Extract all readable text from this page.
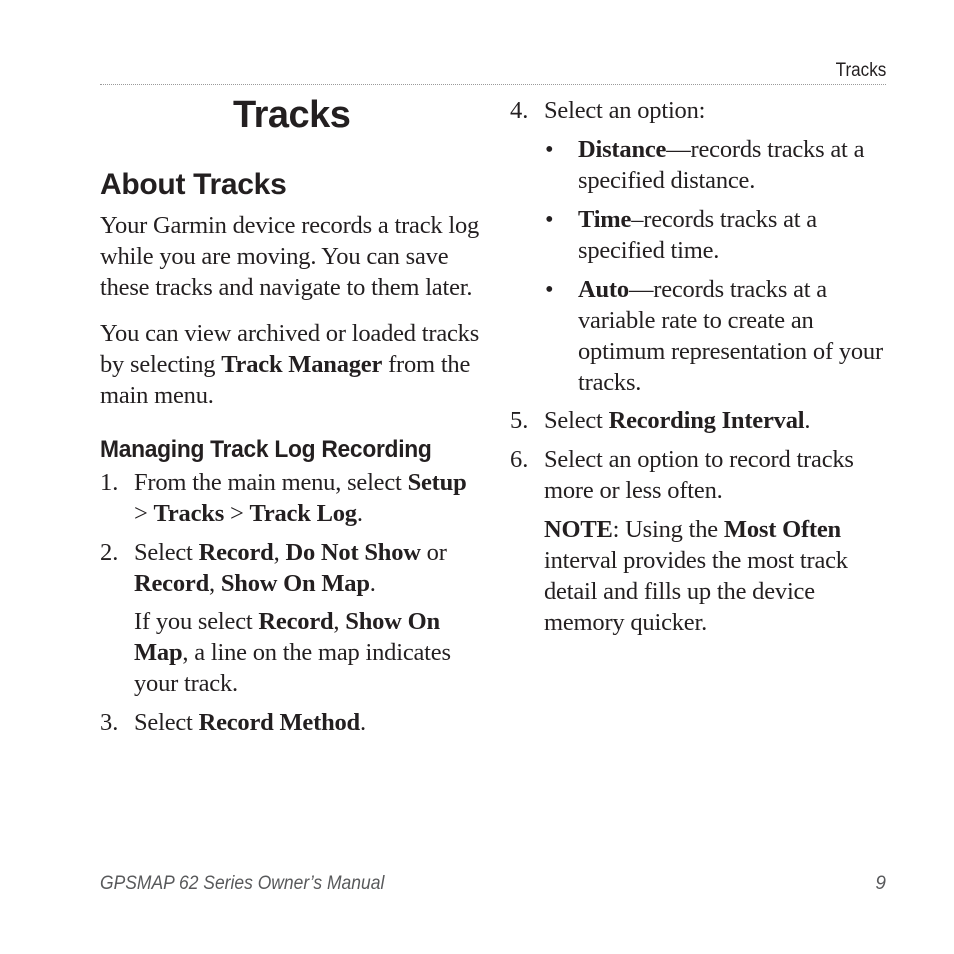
Tracks
Tracks
About Tracks

Your Garmin device records a track log while you are moving. You can save these tracks and navigate to them later.

You can view archived or loaded tracks by selecting Track Manager from the main menu.

Managing Track Log Recording
1. From the main menu, select Setup
> Tracks > Track Log.

2. Select Record, Do Not Show or
Record, Show On Map.

If you select Record, Show On Map, a line on the map indicates your track.

3. Select Record Method.

4. Select an option:

• Distance—records tracks at a specified distance.

• Time–records tracks at a specified time.

• Auto—records tracks at a variable rate to create an optimum representation of your tracks.

5. Select Recording Interval.

6. Select an option to record tracks more or less often.

NOTE: Using the Most Often interval provides the most track detail and fills up the device memory quicker.

GPSMAP 62 Series Owner’s Manual	9
